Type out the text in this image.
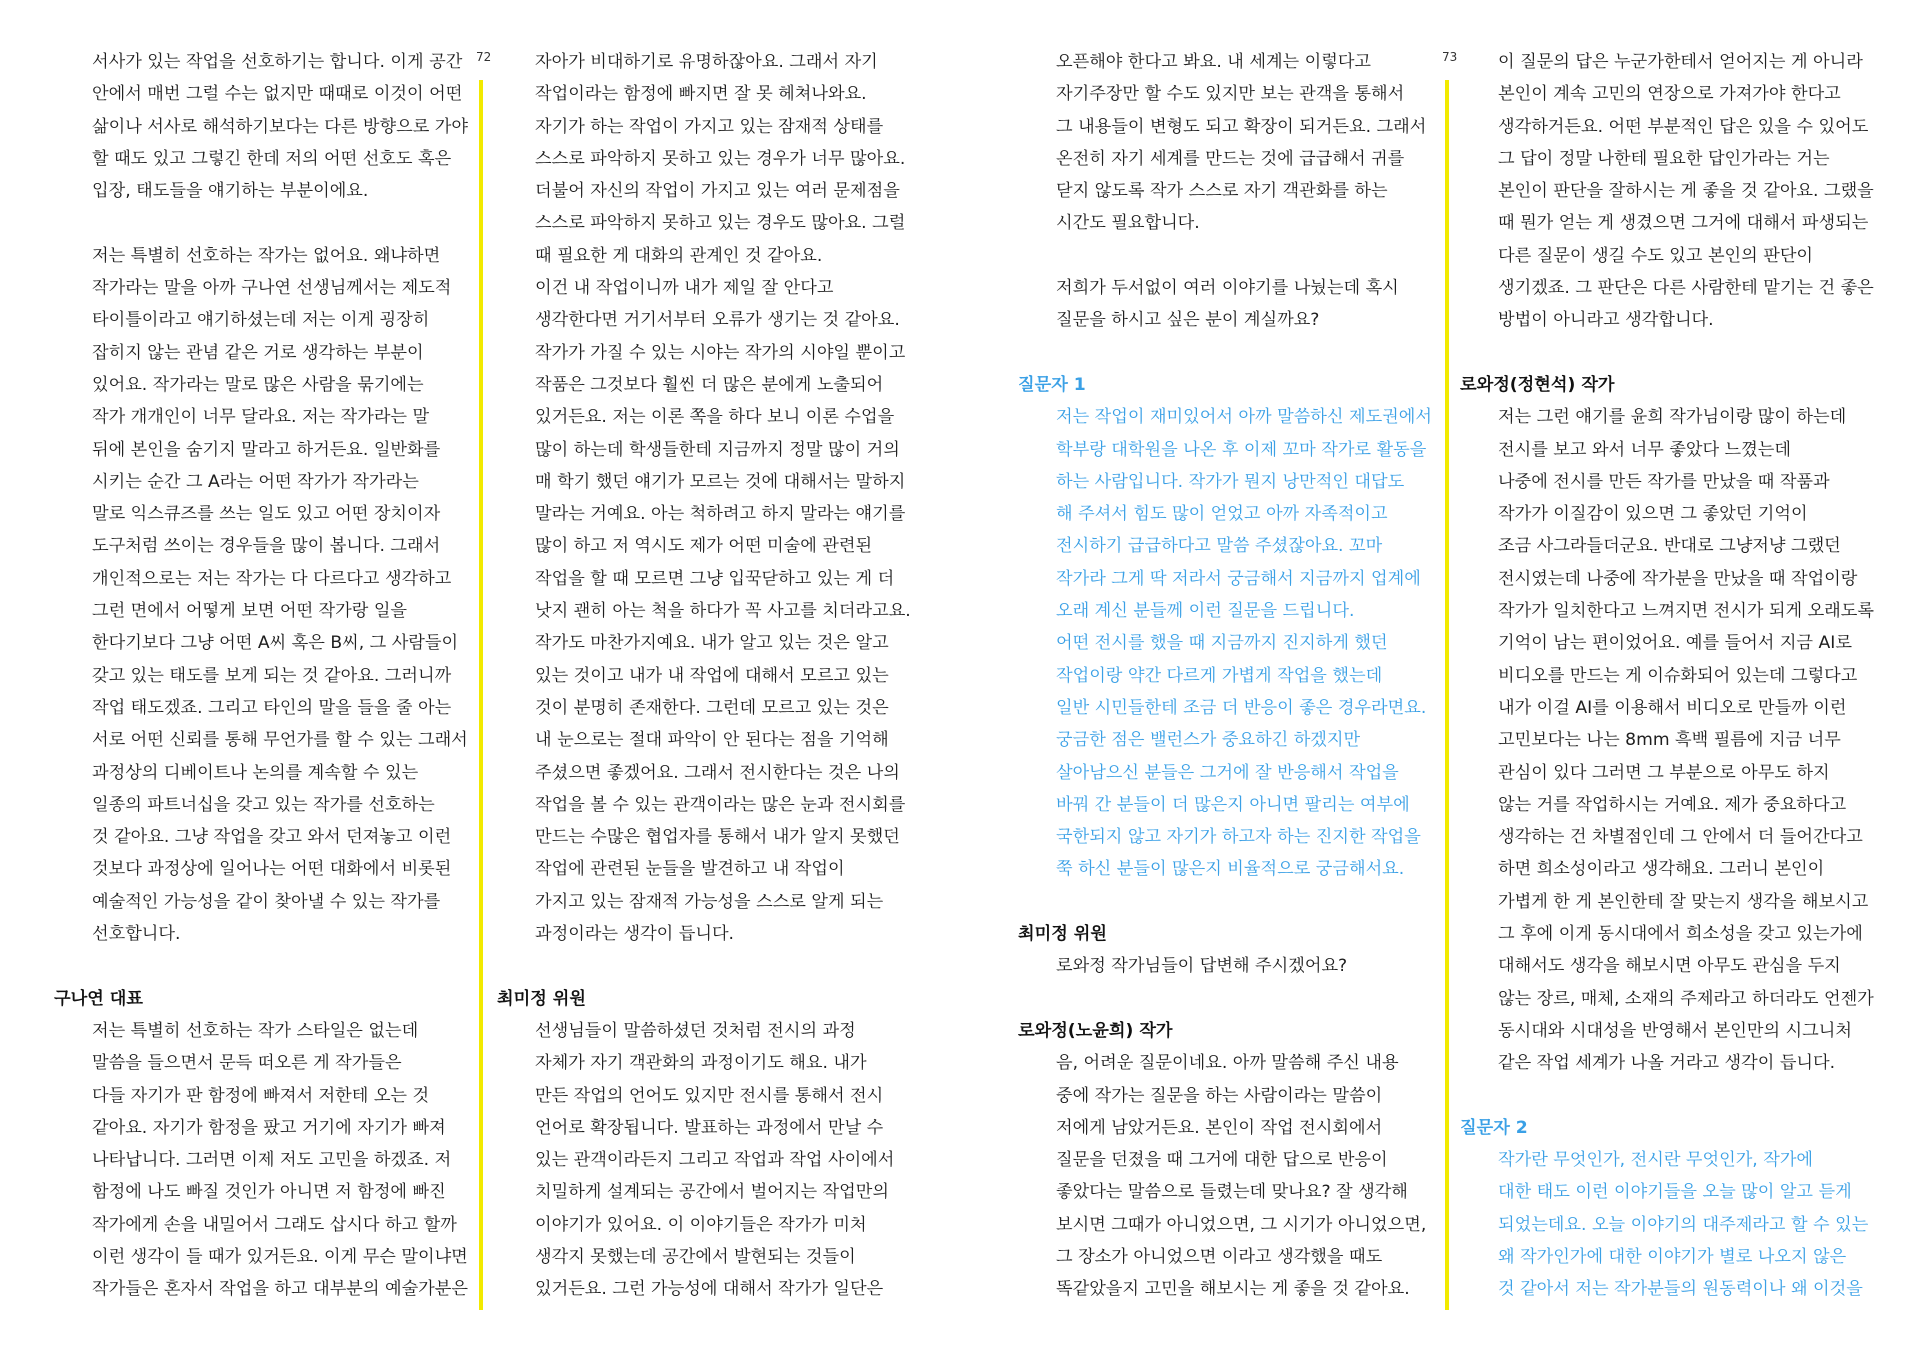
72	73
서사가 있는 작업을 선호하기는 합니다. 이게 공간
안에서 매번 그럴 수는 없지만 때때로 이것이 어떤
삶이나 서사로 해석하기보다는 다른 방향으로 가야
할 때도 있고 그렇긴 한데 저의 어떤 선호도 혹은
입장, 태도들을 얘기하는 부분이에요.
저는 특별히 선호하는 작가는 없어요. 왜냐하면
작가라는 말을 아까 구나연 선생님께서는 제도적
타이틀이라고 얘기하셨는데 저는 이게 굉장히
잡히지 않는 관념 같은 거로 생각하는 부분이
있어요. 작가라는 말로 많은 사람을 묶기에는
작가 개개인이 너무 달라요. 저는 작가라는 말
뒤에 본인을 숨기지 말라고 하거든요. 일반화를
시키는 순간 그 A라는 어떤 작가가 작가라는
말로 익스큐즈를 쓰는 일도 있고 어떤 장치이자
도구처럼 쓰이는 경우들을 많이 봅니다. 그래서
개인적으로는 저는 작가는 다 다르다고 생각하고
그런 면에서 어떻게 보면 어떤 작가랑 일을
한다기보다 그냥 어떤 A씨 혹은 B씨, 그 사람들이
갖고 있는 태도를 보게 되는 것 같아요. 그러니까
작업 태도겠죠. 그리고 타인의 말을 들을 줄 아는
서로 어떤 신뢰를 통해 무언가를 할 수 있는 그래서
과정상의 디베이트나 논의를 계속할 수 있는
일종의 파트너십을 갖고 있는 작가를 선호하는
것 같아요. 그냥 작업을 갖고 와서 던져놓고 이런
것보다 과정상에 일어나는 어떤 대화에서 비롯된
예술적인 가능성을 같이 찾아낼 수 있는 작가를
선호합니다.
구나연 대표
저는 특별히 선호하는 작가 스타일은 없는데
말씀을 들으면서 문득 떠오른 게 작가들은
다들 자기가 판 함정에 빠져서 저한테 오는 것
같아요. 자기가 함정을 팠고 거기에 자기가 빠져
나타납니다. 그러면 이제 저도 고민을 하겠죠. 저
함정에 나도 빠질 것인가 아니면 저 함정에 빠진
작가에게 손을 내밀어서 그래도 삽시다 하고 할까
이런 생각이 들 때가 있거든요. 이게 무슨 말이냐면
작가들은 혼자서 작업을 하고 대부분의 예술가분은
자아가 비대하기로 유명하잖아요. 그래서 자기
작업이라는 함정에 빠지면 잘 못 헤쳐나와요.
자기가 하는 작업이 가지고 있는 잠재적 상태를
스스로 파악하지 못하고 있는 경우가 너무 많아요.
더불어 자신의 작업이 가지고 있는 여러 문제점을
스스로 파악하지 못하고 있는 경우도 많아요. 그럴
때 필요한 게 대화의 관계인 것 같아요.
이건 내 작업이니까 내가 제일 잘 안다고
생각한다면 거기서부터 오류가 생기는 것 같아요.
작가가 가질 수 있는 시야는 작가의 시야일 뿐이고
작품은 그것보다 훨씬 더 많은 분에게 노출되어
있거든요. 저는 이론 쪽을 하다 보니 이론 수업을
많이 하는데 학생들한테 지금까지 정말 많이 거의
매 학기 했던 얘기가 모르는 것에 대해서는 말하지
말라는 거예요. 아는 척하려고 하지 말라는 얘기를
많이 하고 저 역시도 제가 어떤 미술에 관련된
작업을 할 때 모르면 그냥 입꾹닫하고 있는 게 더
낫지 괜히 아는 척을 하다가 꼭 사고를 치더라고요.
작가도 마찬가지예요. 내가 알고 있는 것은 알고
있는 것이고 내가 내 작업에 대해서 모르고 있는
것이 분명히 존재한다. 그런데 모르고 있는 것은
내 눈으로는 절대 파악이 안 된다는 점을 기억해
주셨으면 좋겠어요. 그래서 전시한다는 것은 나의
작업을 볼 수 있는 관객이라는 많은 눈과 전시회를
만드는 수많은 협업자를 통해서 내가 알지 못했던
작업에 관련된 눈들을 발견하고 내 작업이
가지고 있는 잠재적 가능성을 스스로 알게 되는
과정이라는 생각이 듭니다.
최미정 위원
선생님들이 말씀하셨던 것처럼 전시의 과정
자체가 자기 객관화의 과정이기도 해요. 내가
만든 작업의 언어도 있지만 전시를 통해서 전시
언어로 확장됩니다. 발표하는 과정에서 만날 수
있는 관객이라든지 그리고 작업과 작업 사이에서
치밀하게 설계되는 공간에서 벌어지는 작업만의
이야기가 있어요. 이 이야기들은 작가가 미처
생각지 못했는데 공간에서 발현되는 것들이
있거든요. 그런 가능성에 대해서 작가가 일단은
오픈해야 한다고 봐요. 내 세계는 이렇다고
자기주장만 할 수도 있지만 보는 관객을 통해서
그 내용들이 변형도 되고 확장이 되거든요. 그래서
온전히 자기 세계를 만드는 것에 급급해서 귀를
닫지 않도록 작가 스스로 자기 객관화를 하는
시간도 필요합니다.
저희가 두서없이 여러 이야기를 나눴는데 혹시
질문을 하시고 싶은 분이 계실까요?
질문자 1
저는 작업이 재미있어서 아까 말씀하신 제도권에서
학부랑 대학원을 나온 후 이제 꼬마 작가로 활동을
하는 사람입니다. 작가가 뭔지 낭만적인 대답도
해 주셔서 힘도 많이 얻었고 아까 자족적이고
전시하기 급급하다고 말씀 주셨잖아요. 꼬마
작가라 그게 딱 저라서 궁금해서 지금까지 업계에
오래 계신 분들께 이런 질문을 드립니다.
어떤 전시를 했을 때 지금까지 진지하게 했던
작업이랑 약간 다르게 가볍게 작업을 했는데
일반 시민들한테 조금 더 반응이 좋은 경우라면요.
궁금한 점은 밸런스가 중요하긴 하겠지만
살아남으신 분들은 그거에 잘 반응해서 작업을
바꿔 간 분들이 더 많은지 아니면 팔리는 여부에
국한되지 않고 자기가 하고자 하는 진지한 작업을
쭉 하신 분들이 많은지 비율적으로 궁금해서요.
최미정 위원
로와정 작가님들이 답변해 주시겠어요?
로와정(노윤희) 작가
음, 어려운 질문이네요. 아까 말씀해 주신 내용
중에 작가는 질문을 하는 사람이라는 말씀이
저에게 남았거든요. 본인이 작업 전시회에서
질문을 던졌을 때 그거에 대한 답으로 반응이
좋았다는 말씀으로 들렸는데 맞나요? 잘 생각해
보시면 그때가 아니었으면, 그 시기가 아니었으면,
그 장소가 아니었으면 이라고 생각했을 때도
똑같았을지 고민을 해보시는 게 좋을 것 같아요.
이 질문의 답은 누군가한테서 얻어지는 게 아니라
본인이 계속 고민의 연장으로 가져가야 한다고
생각하거든요. 어떤 부분적인 답은 있을 수 있어도
그 답이 정말 나한테 필요한 답인가라는 거는
본인이 판단을 잘하시는 게 좋을 것 같아요. 그랬을
때 뭔가 얻는 게 생겼으면 그거에 대해서 파생되는
다른 질문이 생길 수도 있고 본인의 판단이
생기겠죠. 그 판단은 다른 사람한테 맡기는 건 좋은
방법이 아니라고 생각합니다.
로와정(정현석) 작가
저는 그런 얘기를 윤희 작가님이랑 많이 하는데
전시를 보고 와서 너무 좋았다 느꼈는데
나중에 전시를 만든 작가를 만났을 때 작품과
작가가 이질감이 있으면 그 좋았던 기억이
조금 사그라들더군요. 반대로 그냥저냥 그랬던
전시였는데 나중에 작가분을 만났을 때 작업이랑
작가가 일치한다고 느껴지면 전시가 되게 오래도록
기억이 남는 편이었어요. 예를 들어서 지금 AI로
비디오를 만드는 게 이슈화되어 있는데 그렇다고
내가 이걸 AI를 이용해서 비디오로 만들까 이런
고민보다는 나는 8mm 흑백 필름에 지금 너무
관심이 있다 그러면 그 부분으로 아무도 하지
않는 거를 작업하시는 거예요. 제가 중요하다고
생각하는 건 차별점인데 그 안에서 더 들어간다고
하면 희소성이라고 생각해요. 그러니 본인이
가볍게 한 게 본인한테 잘 맞는지 생각을 해보시고
그 후에 이게 동시대에서 희소성을 갖고 있는가에
대해서도 생각을 해보시면 아무도 관심을 두지
않는 장르, 매체, 소재의 주제라고 하더라도 언젠가
동시대와 시대성을 반영해서 본인만의 시그니처
같은 작업 세계가 나올 거라고 생각이 듭니다.
질문자 2
작가란 무엇인가, 전시란 무엇인가, 작가에
대한 태도 이런 이야기들을 오늘 많이 알고 듣게
되었는데요. 오늘 이야기의 대주제라고 할 수 있는
왜 작가인가에 대한 이야기가 별로 나오지 않은
것 같아서 저는 작가분들의 원동력이나 왜 이것을
